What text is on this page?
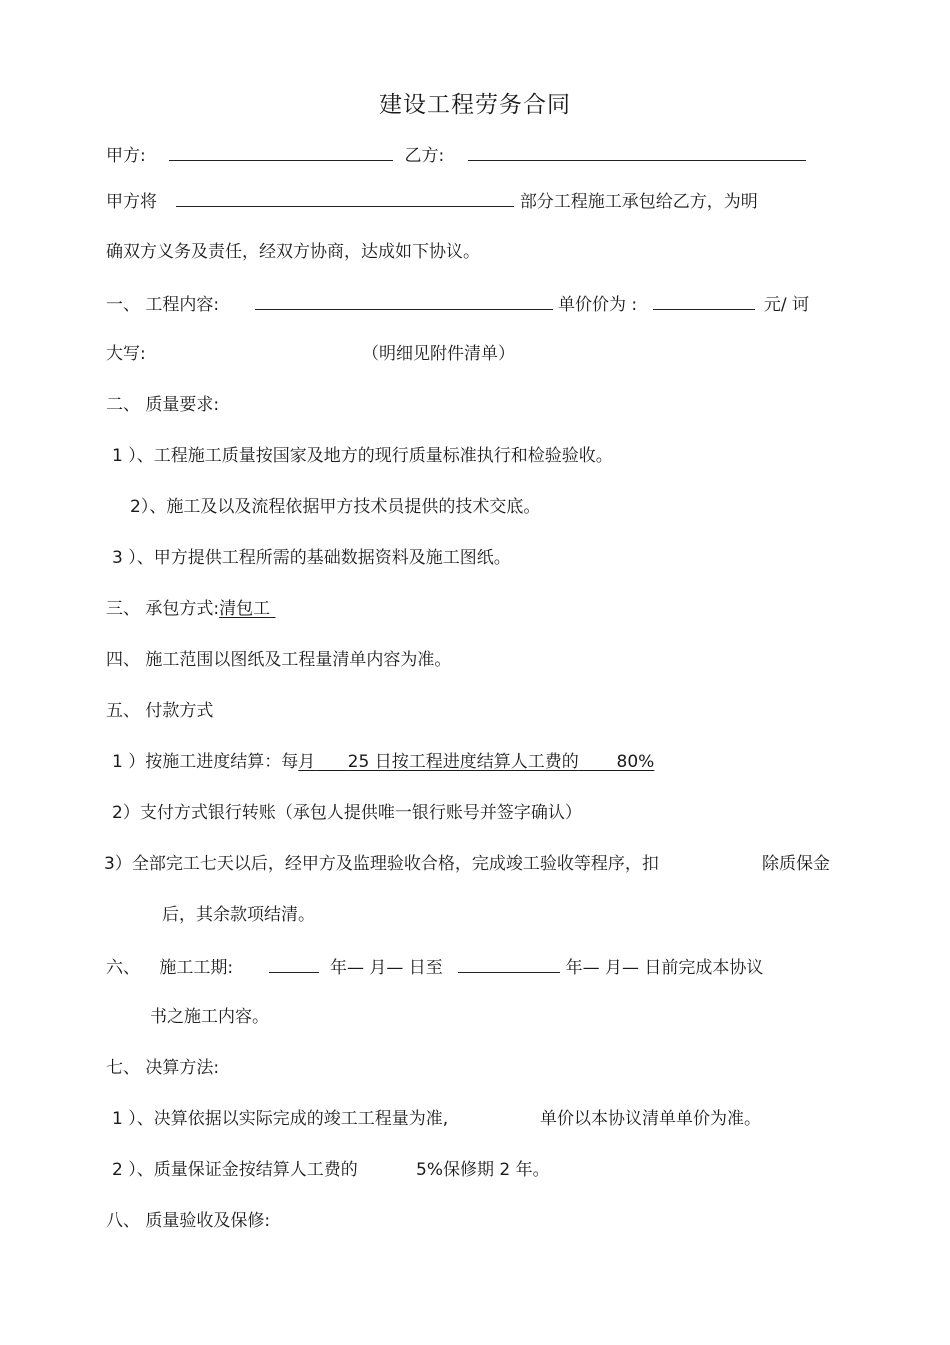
建设工程劳务合同
甲方:	乙方:
甲方将	部分工程施工承包给乙方，为明
确双方义务及责任，经双方协商，达成如下协议。
一、 工程内容:	单价价为 :	元/ 诃
大写:	（明细见附件清单）
二、 质量要求:
1 ）、工程施工质量按国家及地方的现行质量标准执行和检验验收。
2）、施工及以及流程依据甲方技术员提供的技术交底。
3 ）、甲方提供工程所需的基础数据资料及施工图纸。
三、 承包方式:清包工
四、 施工范围以图纸及工程量清单内容为准。
五、 付款方式
1 ）按施工进度结算：每月 25 日按工程进度结算人工费的 80%
2）支付方式银行转账（承包人提供唯一银行账号并签字确认）
3）全部完工七天以后，经甲方及监理验收合格，完成竣工验收等程序，扣	除质保金
后，其余款项结清。
六、 施工工期:	年— 月— 日至	年— 月— 日前完成本协议
书之施工内容。
七、 决算方法:
1 ）、决算依据以实际完成的竣工工程量为准,	单价以本协议清单单价为准。
2 ）、质量保证金按结算人工费的	5%保修期 2 年。
八、 质量验收及保修:
